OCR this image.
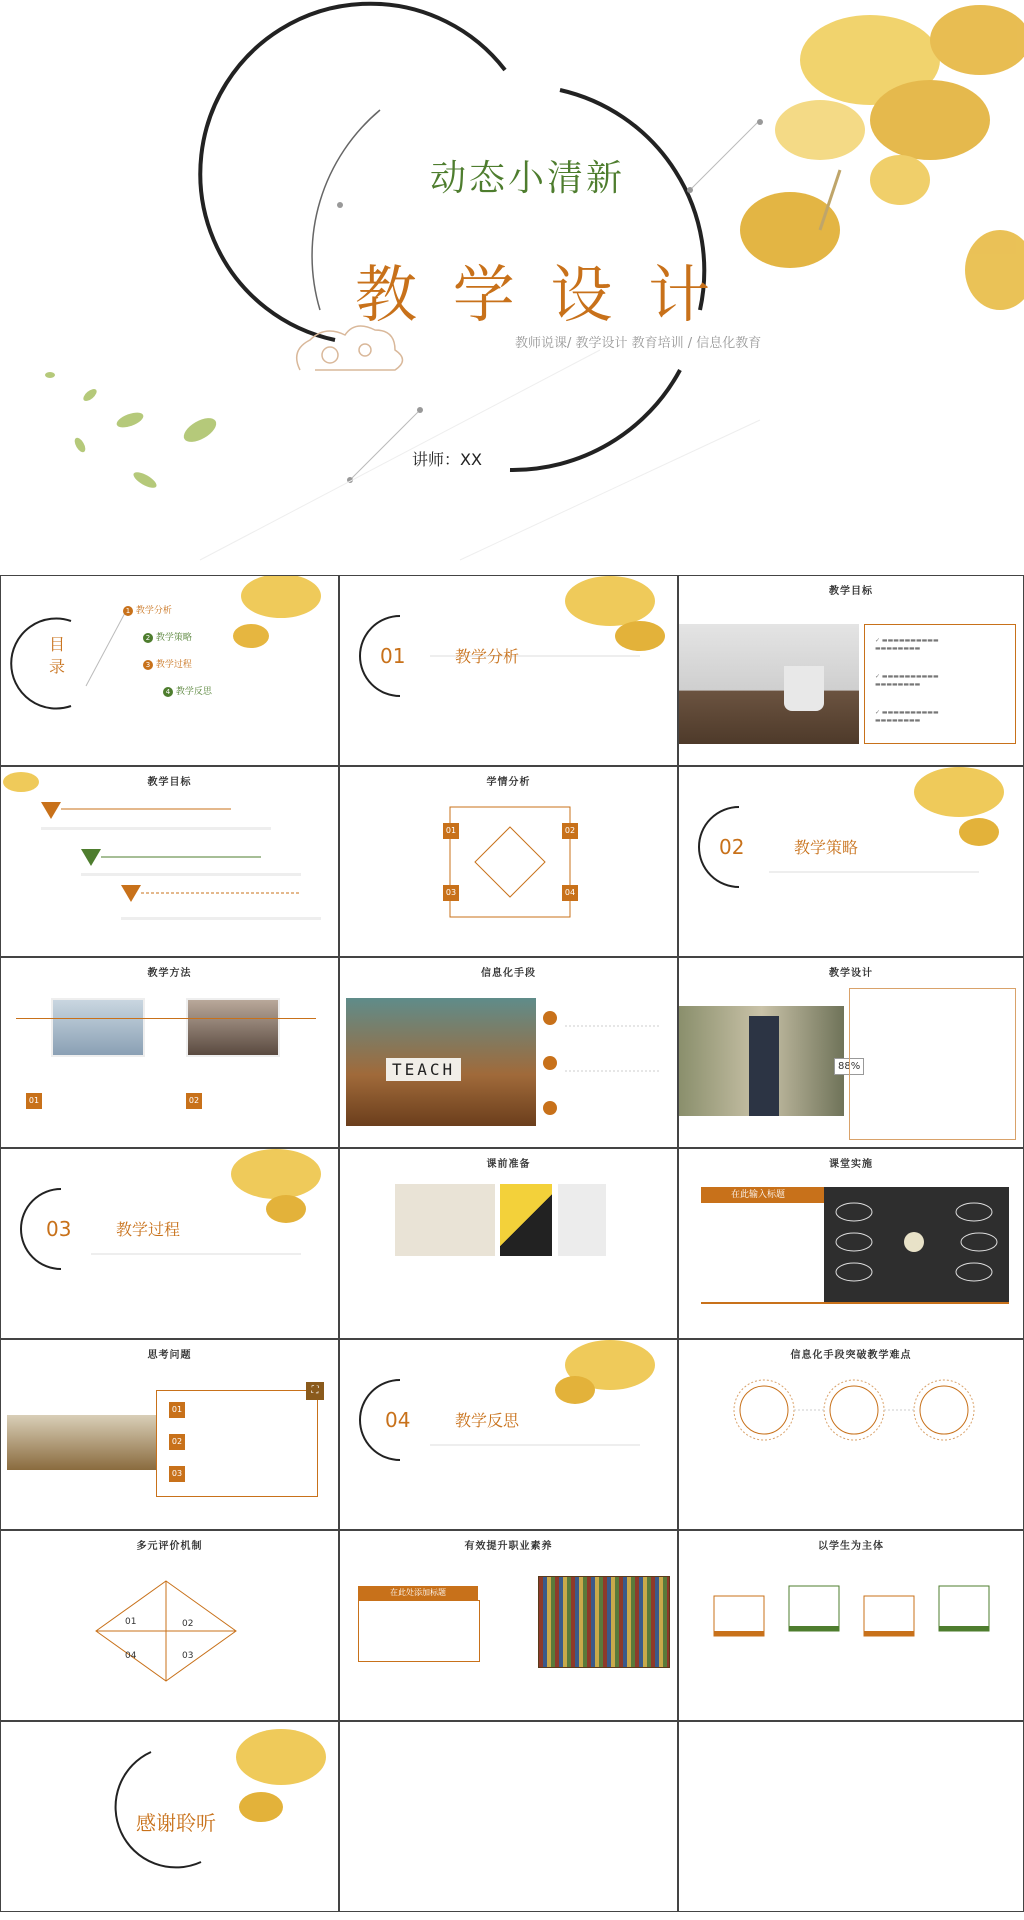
动态小清新
教 学 设 计
教师说课/ 教学设计 教育培训 / 信息化教育
讲师：XX
目
录
1 教学分析
2 教学策略
3 教学过程
4 教学反思
01	教学分析
教学目标
✓ ▬▬▬▬▬▬▬▬▬▬
▬▬▬▬▬▬▬▬
✓ ▬▬▬▬▬▬▬▬▬▬
▬▬▬▬▬▬▬▬
✓ ▬▬▬▬▬▬▬▬▬▬
▬▬▬▬▬▬▬▬
教学目标	学情分析
01	02
03	04
02	教学策略
教学方法
01	02
信息化手段
TEACH
教学设计
88%
03	教学过程
课前准备	课堂实施
在此输入标题
思考问题
01
02
03
⛶
04	教学反思
信息化手段突破教学难点
多元评价机制
01	02
04	03
有效提升职业素养
在此处添加标题
以学生为主体
感谢聆听
